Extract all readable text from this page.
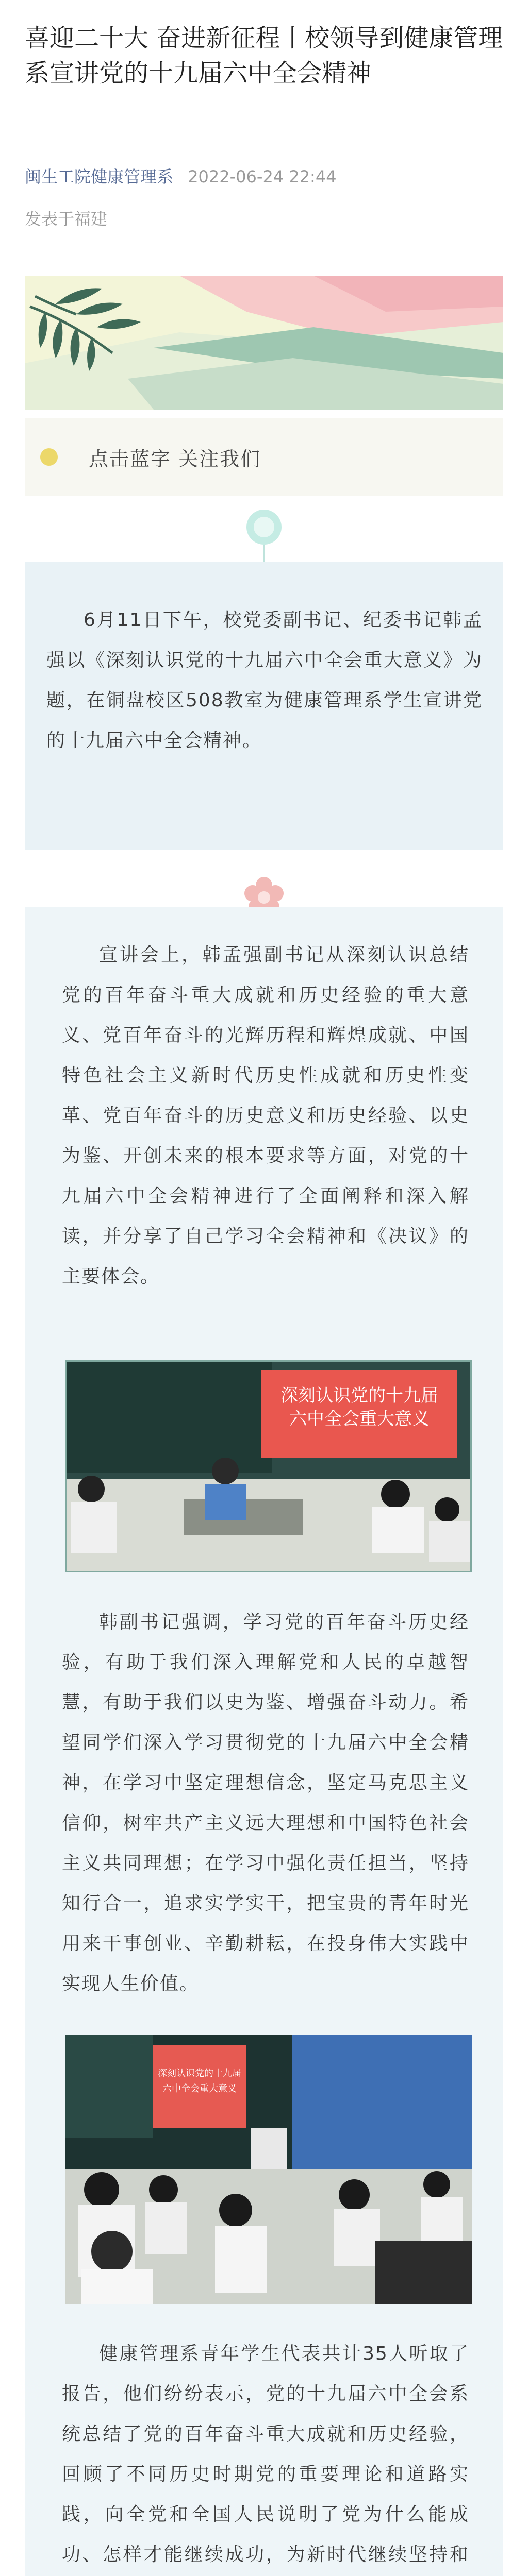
喜迎二十大 奋进新征程丨校领导到健康管理系宣讲党的十九届六中全会精神
闽生工院健康管理系 2022-06-24 22:44
发表于福建
点击蓝字 关注我们
6月11日下午，校党委副书记、纪委书记韩孟强以《深刻认识党的十九届六中全会重大意义》为题，在铜盘校区508教室为健康管理系学生宣讲党的十九届六中全会精神。
宣讲会上，韩孟强副书记从深刻认识总结党的百年奋斗重大成就和历史经验的重大意义、党百年奋斗的光辉历程和辉煌成就、中国特色社会主义新时代历史性成就和历史性变革、党百年奋斗的历史意义和历史经验、以史为鉴、开创未来的根本要求等方面，对党的十九届六中全会精神进行了全面阐释和深入解读，并分享了自己学习全会精神和《决议》的主要体会。
深刻认识党的十九届
六中全会重大意义
韩副书记强调，学习党的百年奋斗历史经验，有助于我们深入理解党和人民的卓越智慧，有助于我们以史为鉴、增强奋斗动力。希望同学们深入学习贯彻党的十九届六中全会精神，在学习中坚定理想信念，坚定马克思主义信仰，树牢共产主义远大理想和中国特色社会主义共同理想；在学习中强化责任担当，坚持知行合一，追求实学实干，把宝贵的青年时光用来干事创业、辛勤耕耘，在投身伟大实践中实现人生价值。
深刻认识党的十九届
六中全会重大意义
健康管理系青年学生代表共计35人听取了报告，他们纷纷表示，党的十九届六中全会系统总结了党的百年奋斗重大成就和历史经验，回顾了不同历史时期党的重要理论和道路实践，向全党和全国人民说明了党为什么能成功、怎样才能继续成功，为新时代继续坚持和
